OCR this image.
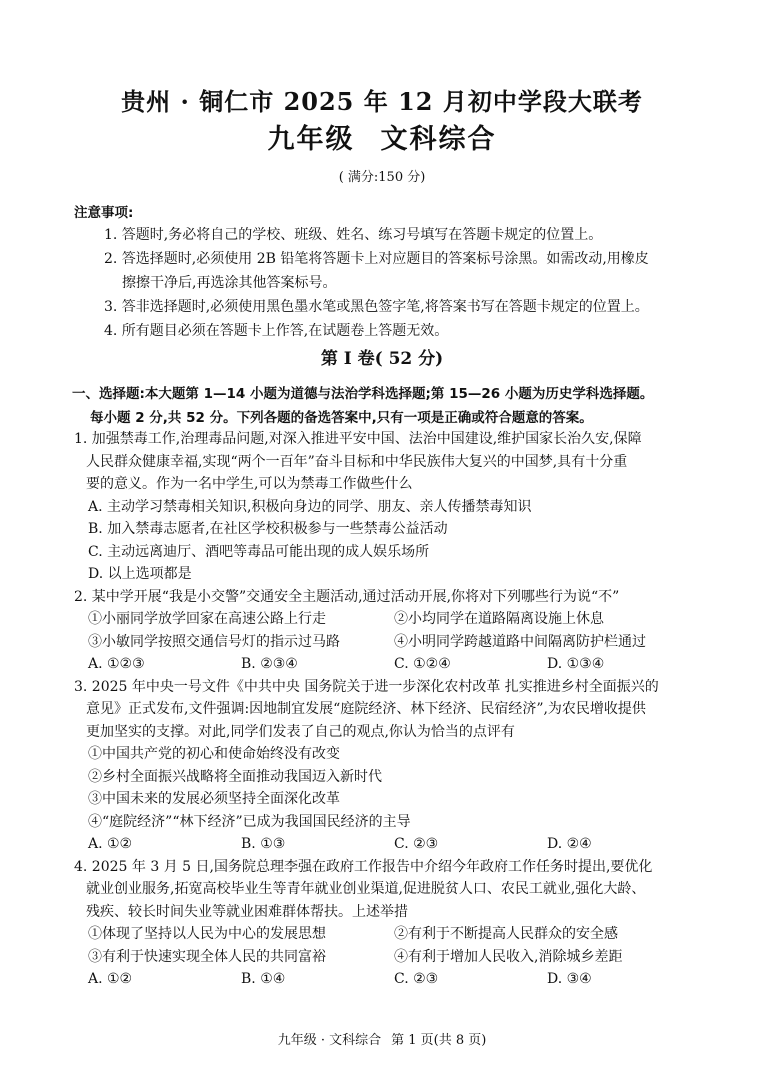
贵州 · 铜仁市 2025 年 12 月初中学段大联考
九年级 文科综合
( 满分:150 分)
注意事项:
1. 答题时,务必将自己的学校、班级、姓名、练习号填写在答题卡规定的位置上。
2. 答选择题时,必须使用 2B 铅笔将答题卡上对应题目的答案标号涂黑。如需改动,用橡皮
擦擦干净后,再选涂其他答案标号。
3. 答非选择题时,必须使用黑色墨水笔或黑色签字笔,将答案书写在答题卡规定的位置上。
4. 所有题目必须在答题卡上作答,在试题卷上答题无效。
第 Ⅰ 卷( 52 分)
一、选择题:本大题第 1—14 小题为道德与法治学科选择题;第 15—26 小题为历史学科选择题。
每小题 2 分,共 52 分。下列各题的备选答案中,只有一项是正确或符合题意的答案。
1. 加强禁毒工作,治理毒品问题,对深入推进平安中国、法治中国建设,维护国家长治久安,保障
人民群众健康幸福,实现“两个一百年”奋斗目标和中华民族伟大复兴的中国梦,具有十分重
要的意义。作为一名中学生,可以为禁毒工作做些什么
A. 主动学习禁毒相关知识,积极向身边的同学、朋友、亲人传播禁毒知识
B. 加入禁毒志愿者,在社区学校积极参与一些禁毒公益活动
C. 主动远离迪厅、酒吧等毒品可能出现的成人娱乐场所
D. 以上选项都是
2. 某中学开展“我是小交警”交通安全主题活动,通过活动开展,你将对下列哪些行为说“不”
①小丽同学放学回家在高速公路上行走	②小均同学在道路隔离设施上休息
③小敏同学按照交通信号灯的指示过马路	④小明同学跨越道路中间隔离防护栏通过
A. ①②③	B. ②③④	C. ①②④	D. ①③④
3. 2025 年中央一号文件《中共中央 国务院关于进一步深化农村改革 扎实推进乡村全面振兴的
意见》正式发布,文件强调:因地制宜发展“庭院经济、林下经济、民宿经济”,为农民增收提供
更加坚实的支撑。对此,同学们发表了自己的观点,你认为恰当的点评有
①中国共产党的初心和使命始终没有改变
②乡村全面振兴战略将全面推动我国迈入新时代
③中国未来的发展必须坚持全面深化改革
④“庭院经济”“林下经济”已成为我国国民经济的主导
A. ①②	B. ①③	C. ②③	D. ②④
4. 2025 年 3 月 5 日,国务院总理李强在政府工作报告中介绍今年政府工作任务时提出,要优化
就业创业服务,拓宽高校毕业生等青年就业创业渠道,促进脱贫人口、农民工就业,强化大龄、
残疾、较长时间失业等就业困难群体帮扶。上述举措
①体现了坚持以人民为中心的发展思想	②有利于不断提高人民群众的安全感
③有利于快速实现全体人民的共同富裕	④有利于增加人民收入,消除城乡差距
A. ①②	B. ①④	C. ②③	D. ③④
九年级 · 文科综合 第 1 页(共 8 页)
